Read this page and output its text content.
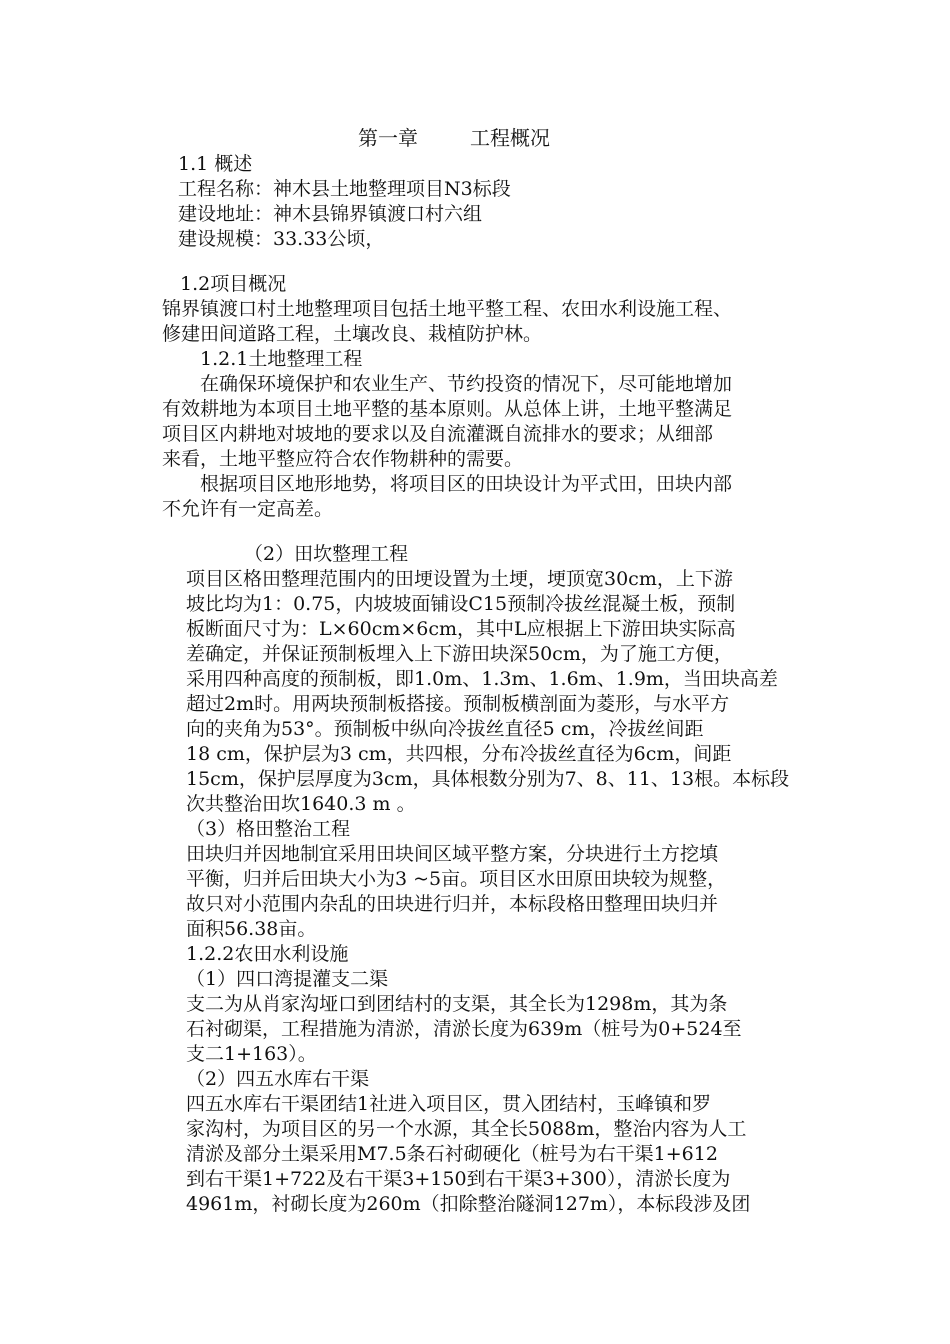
第一章	工程概况
1.1 概述
工程名称：神木县土地整理项目N3标段
建设地址：神木县锦界镇渡口村六组
建设规模：33.33公顷，
1.2项目概况
锦界镇渡口村土地整理项目包括土地平整工程、农田水利设施工程、
修建田间道路工程，土壤改良、栽植防护林。
1.2.1土地整理工程
在确保环境保护和农业生产、节约投资的情况下，尽可能地增加
有效耕地为本项目土地平整的基本原则。从总体上讲，土地平整满足
项目区内耕地对坡地的要求以及自流灌溉自流排水的要求；从细部
来看，土地平整应符合农作物耕种的需要。
根据项目区地形地势，将项目区的田块设计为平式田，田块内部
不允许有一定高差。
（2）田坎整理工程
项目区格田整理范围内的田埂设置为土埂，埂顶宽30cm，上下游
坡比均为1：0.75，内坡坡面铺设C15预制冷拔丝混凝土板，预制
板断面尺寸为：L×60cm×6cm，其中L应根据上下游田块实际高
差确定，并保证预制板埋入上下游田块深50cm，为了施工方便，
采用四种高度的预制板，即1.0m、1.3m、1.6m、1.9m，当田块高差
超过2m时。用两块预制板搭接。预制板横剖面为菱形，与水平方
向的夹角为53°。预制板中纵向冷拔丝直径5 cm，冷拔丝间距
18 cm，保护层为3 cm，共四根，分布冷拔丝直径为6cm，间距
15cm，保护层厚度为3cm，具体根数分别为7、8、11、13根。本标段
次共整治田坎1640.3 m 。
（3）格田整治工程
田块归并因地制宜采用田块间区域平整方案，分块进行土方挖填
平衡，归并后田块大小为3 ~5亩。项目区水田原田块较为规整，
故只对小范围内杂乱的田块进行归并，本标段格田整理田块归并
面积56.38亩。
1.2.2农田水利设施
（1）四口湾提灌支二渠
支二为从肖家沟垭口到团结村的支渠，其全长为1298m，其为条
石衬砌渠，工程措施为清淤，清淤长度为639m（桩号为0+524至
支二1+163）。
（2）四五水库右干渠
四五水库右干渠团结1社进入项目区，贯入团结村，玉峰镇和罗
家沟村，为项目区的另一个水源，其全长5088m，整治内容为人工
清淤及部分土渠采用M7.5条石衬砌硬化（桩号为右干渠1+612
到右干渠1+722及右干渠3+150到右干渠3+300），清淤长度为
4961m，衬砌长度为260m（扣除整治隧洞127m），本标段涉及团
